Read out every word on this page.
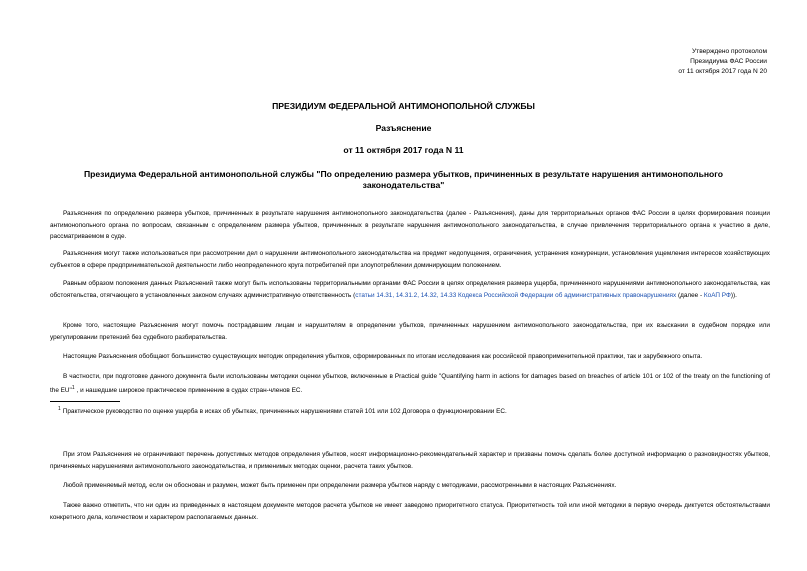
Утверждено протоколом
Президиума ФАС России
от 11 октября 2017 года N 20
ПРЕЗИДИУМ ФЕДЕРАЛЬНОЙ АНТИМОНОПОЛЬНОЙ СЛУЖБЫ
Разъяснение
от 11 октября 2017 года N 11
Президиума Федеральной антимонопольной службы "По определению размера убытков, причиненных в результате нарушения антимонопольного законодательства"

Разъяснения по определению размера убытков, причиненных в результате нарушения антимонопольного законодательства (далее - Разъяснения), даны для территориальных органов ФАС России в целях формирования позиции антимонопольного органа по вопросам, связанным с определением размера убытков, причиненных в результате нарушения антимонопольного законодательства, в случае привлечения территориального органа к участию в деле, рассматриваемом в суде.

Разъяснения могут также использоваться при рассмотрении дел о нарушении антимонопольного законодательства на предмет недопущения, ограничения, устранения конкуренции, установления ущемления интересов хозяйствующих субъектов в сфере предпринимательской деятельности либо неопределенного круга потребителей при злоупотреблении доминирующим положением.

Равным образом положения данных Разъяснений также могут быть использованы территориальными органами ФАС России в целях определения размера ущерба, причиненного нарушениями антимонопольного законодательства, как обстоятельства, отягчающего в установленных законом случаях административную ответственность (статьи 14.31, 14.31.2, 14.32, 14.33 Кодекса Российской Федерации об административных правонарушениях (далее - КоАП РФ)).

Кроме того, настоящие Разъяснения могут помочь пострадавшим лицам и нарушителям в определении убытков, причиненных нарушением антимонопольного законодательства, при их взыскании в судебном порядке или урегулировании претензий без судебного разбирательства.

Настоящие Разъяснения обобщают большинство существующих методик определения убытков, сформированных по итогам исследования как российской правоприменительной практики, так и зарубежного опыта.

В частности, при подготовке данного документа были использованы методики оценки убытков, включенные в Practical guide "Quantifying harm in actions for damages based on breaches of article 101 or 102 of the treaty on the functioning of the EU"$^1$ , и нашедшие широкое практическое применение в судах стран-членов ЕС.

$^1$ Практическое руководство по оценке ущерба в исках об убытках, причиненных нарушениями статей 101 или 102 Договора о функционировании ЕС.

При этом Разъяснения не ограничивают перечень допустимых методов определения убытков, носят информационно-рекомендательный характер и призваны помочь сделать более доступной информацию о разновидностях убытков, причиняемых нарушениями антимонопольного законодательства, и применимых методах оценки, расчета таких убытков.

Любой применяемый метод, если он обоснован и разумен, может быть применен при определении размера убытков наряду с методиками, рассмотренными в настоящих Разъяснениях.

Также важно отметить, что ни один из приведенных в настоящем документе методов расчета убытков не имеет заведомо приоритетного статуса. Приоритетность той или иной методики в первую очередь диктуется обстоятельствами конкретного дела, количеством и характером располагаемых данных.
